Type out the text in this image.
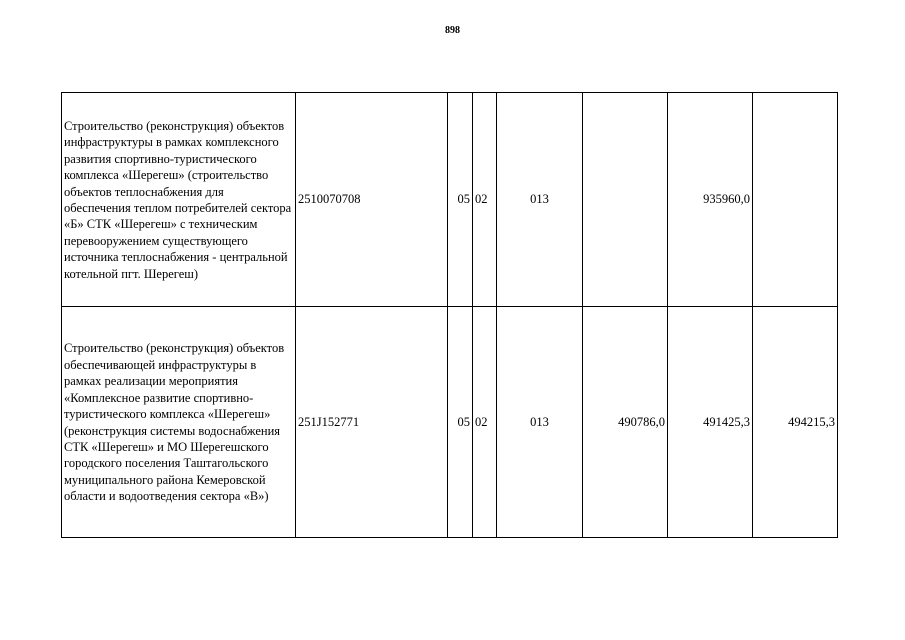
898
Строительство (реконструкция) объектов инфраструктуры в рамках комплексного развития спортивно-туристического комплекса «Шерегеш» (строительство объектов теплоснабжения для обеспечения теплом потребителей сектора «Б» СТК «Шерегеш» с техническим перевооружением существующего источника теплоснабжения - центральной котельной пгт. Шерегеш)	2510070708	05	02	013		935960,0	

Строительство (реконструкция) объектов обеспечивающей инфраструктуры в рамках реализации мероприятия «Комплексное развитие спортивно-туристического комплекса «Шерегеш» (реконструкция системы водоснабжения СТК «Шерегеш» и МО Шерегешского городского поселения Таштагольского муниципального района Кемеровской области и водоотведения сектора «В»)	251J152771	05	02	013	490786,0	491425,3	494215,3
